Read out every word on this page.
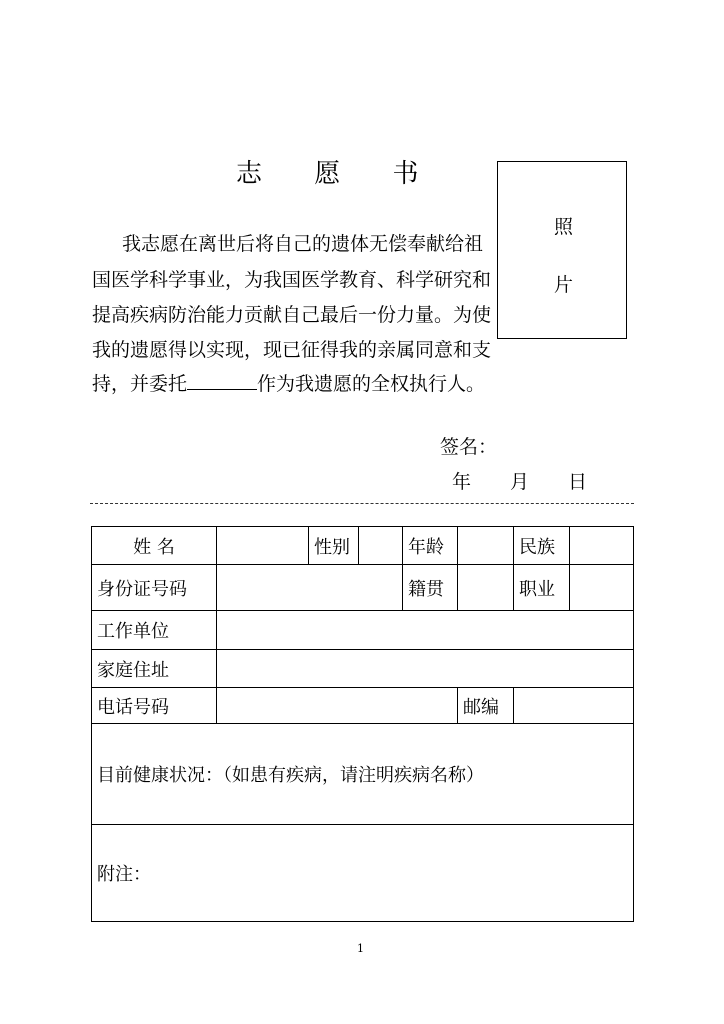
志 愿 书
照
片
我志愿在离世后将自己的遗体无偿奉献给祖
国医学科学事业，为我国医学教育、科学研究和
提高疾病防治能力贡献自己最后一份力量。为使
我的遗愿得以实现，现已征得我的亲属同意和支
持，并委托	作为我遗愿的全权执行人。
签名：
年 月 日
姓 名		性别		年龄		民族	
身份证号码				籍贯		职业	
工作单位							
家庭住址							
电话号码					邮编		
目前健康状况：（如患有疾病，请注明疾病名称）							
附注：							
1
